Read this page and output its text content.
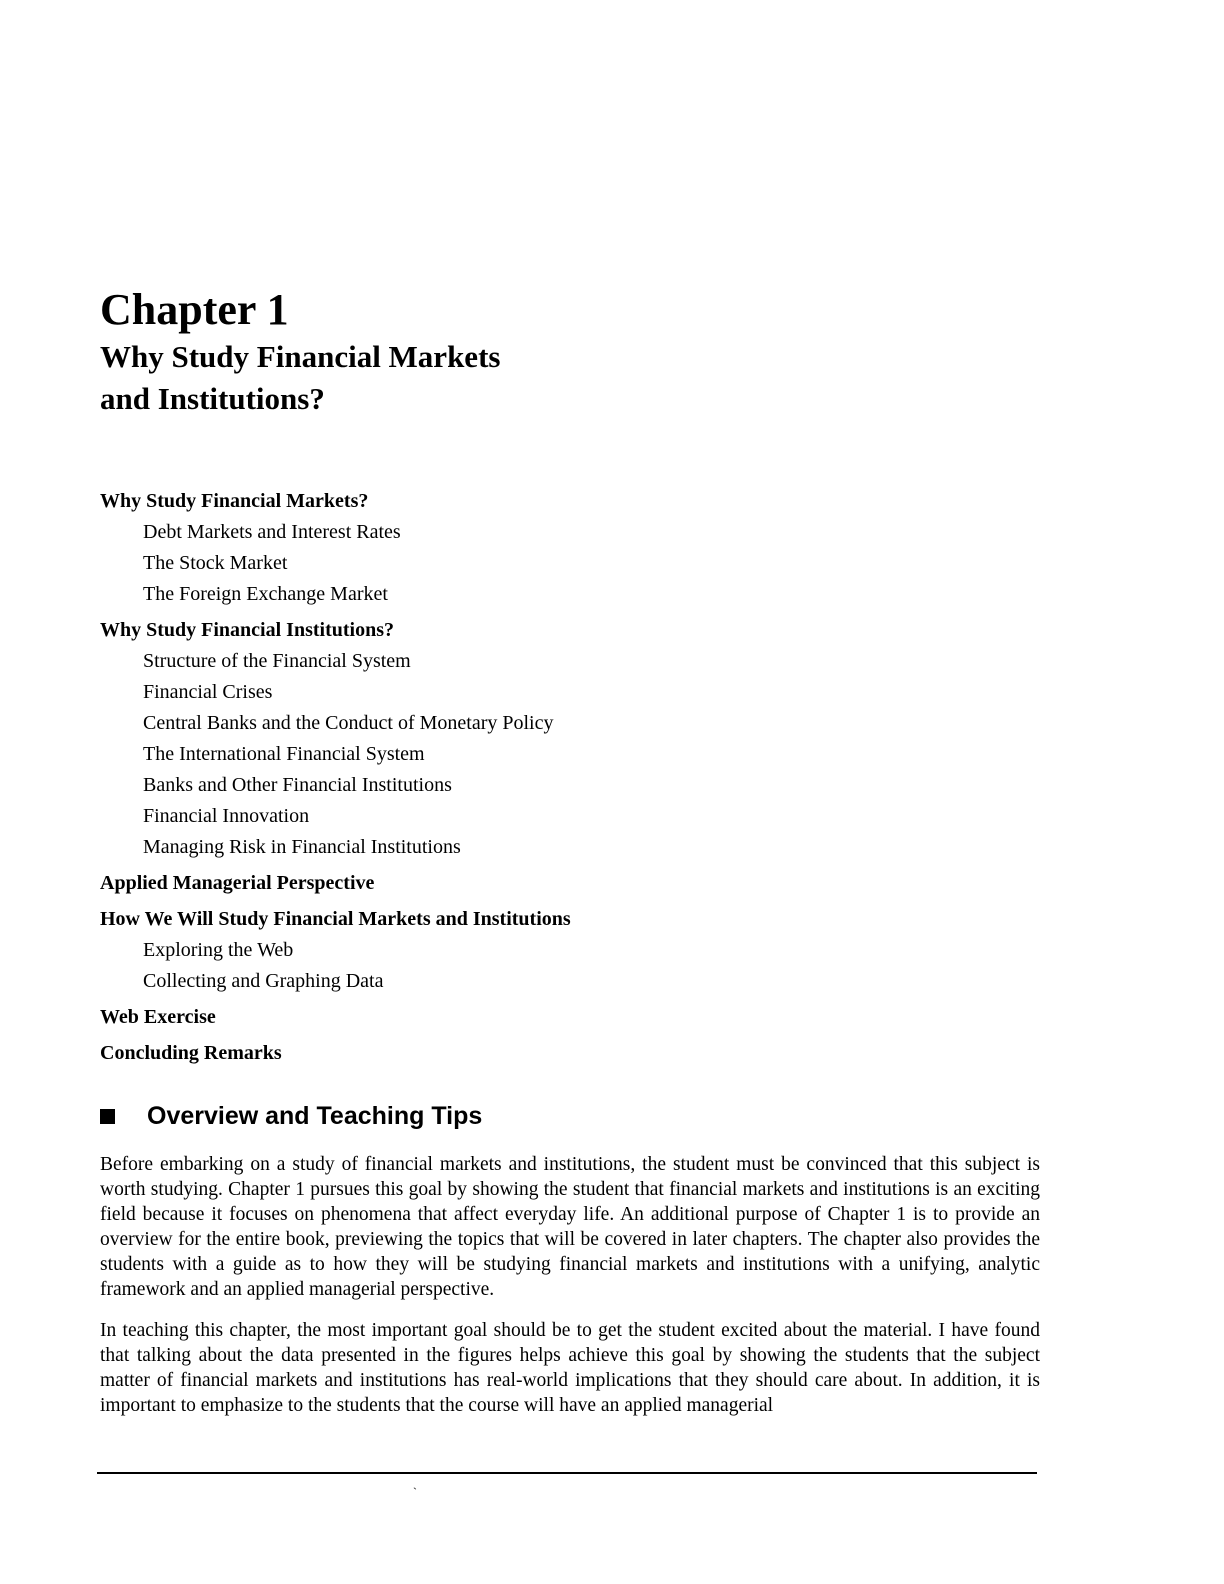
Chapter 1
Why Study Financial Markets
and Institutions?
Why Study Financial Markets?
Debt Markets and Interest Rates
The Stock Market
The Foreign Exchange Market
Why Study Financial Institutions?
Structure of the Financial System
Financial Crises
Central Banks and the Conduct of Monetary Policy
The International Financial System
Banks and Other Financial Institutions
Financial Innovation
Managing Risk in Financial Institutions
Applied Managerial Perspective
How We Will Study Financial Markets and Institutions
Exploring the Web
Collecting and Graphing Data
Web Exercise
Concluding Remarks
Overview and Teaching Tips

Before embarking on a study of financial markets and institutions, the student must be convinced that this subject is worth studying. Chapter 1 pursues this goal by showing the student that financial markets and institutions is an exciting field because it focuses on phenomena that affect everyday life. An additional purpose of Chapter 1 is to provide an overview for the entire book, previewing the topics that will be covered in later chapters. The chapter also provides the students with a guide as to how they will be studying financial markets and institutions with a unifying, analytic framework and an applied managerial perspective.

In teaching this chapter, the most important goal should be to get the student excited about the material. I have found that talking about the data presented in the figures helps achieve this goal by showing the students that the subject matter of financial markets and institutions has real-world implications that they should care about. In addition, it is important to emphasize to the students that the course will have an applied managerial

`
